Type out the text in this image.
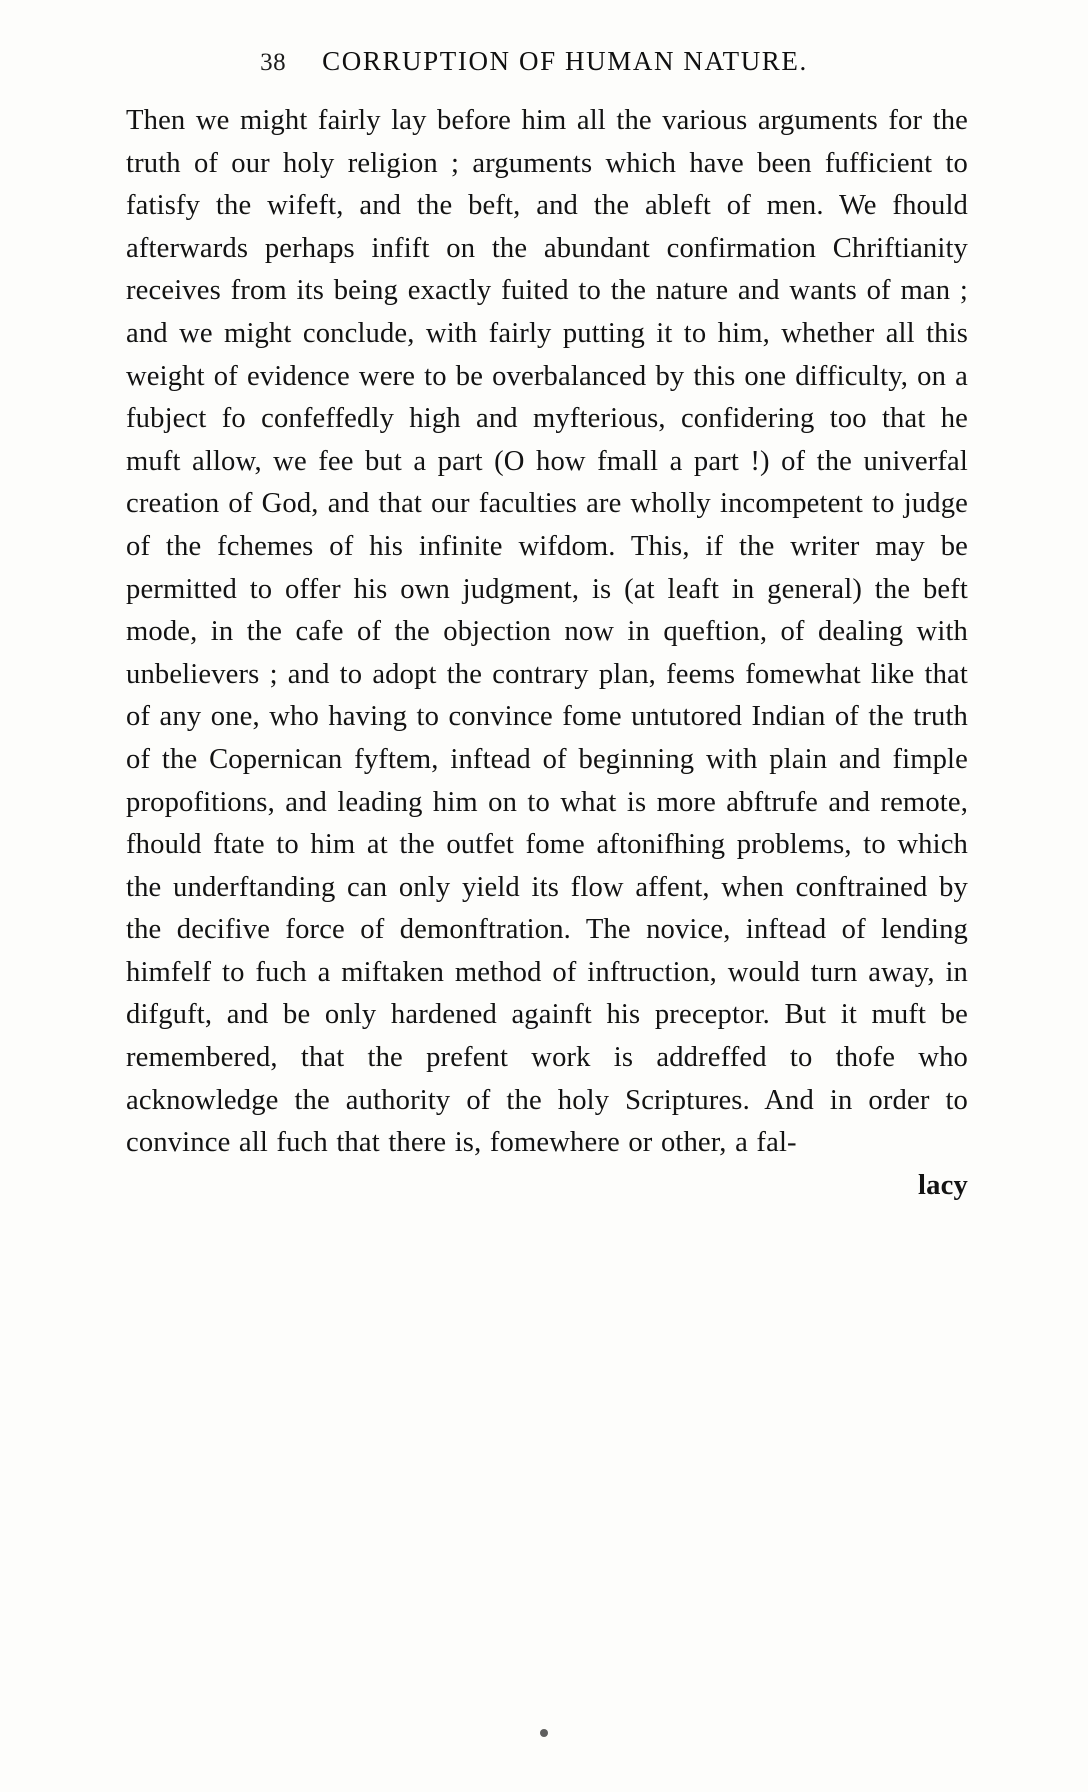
38 CORRUPTION OF HUMAN NATURE.

Then we might fairly lay before him all the various arguments for the truth of our holy religion ; arguments which have been fufficient to fatisfy the wifeft, and the beft, and the ableft of men. We fhould afterwards perhaps infift on the abundant confirmation Chriftianity receives from its being exactly fuited to the nature and wants of man ; and we might conclude, with fairly putting it to him, whether all this weight of evidence were to be overbalanced by this one difficulty, on a fubject fo confeffedly high and myfterious, confidering too that he muft allow, we fee but a part (O how fmall a part !) of the univerfal creation of God, and that our faculties are wholly incompetent to judge of the fchemes of his infinite wifdom. This, if the writer may be permitted to offer his own judgment, is (at leaft in general) the beft mode, in the cafe of the objection now in queftion, of dealing with unbelievers ; and to adopt the contrary plan, feems fomewhat like that of any one, who having to convince fome untutored Indian of the truth of the Copernican fyftem, inftead of beginning with plain and fimple propofitions, and leading him on to what is more abftrufe and remote, fhould ftate to him at the outfet fome aftonifhing problems, to which the underftanding can only yield its flow affent, when conftrained by the decifive force of demonftration. The novice, inftead of lending himfelf to fuch a miftaken method of inftruction, would turn away, in difguft, and be only hardened againft his preceptor. But it muft be remembered, that the prefent work is addreffed to thofe who acknowledge the authority of the holy Scriptures. And in order to convince all fuch that there is, fomewhere or other, a fal-

lacy
